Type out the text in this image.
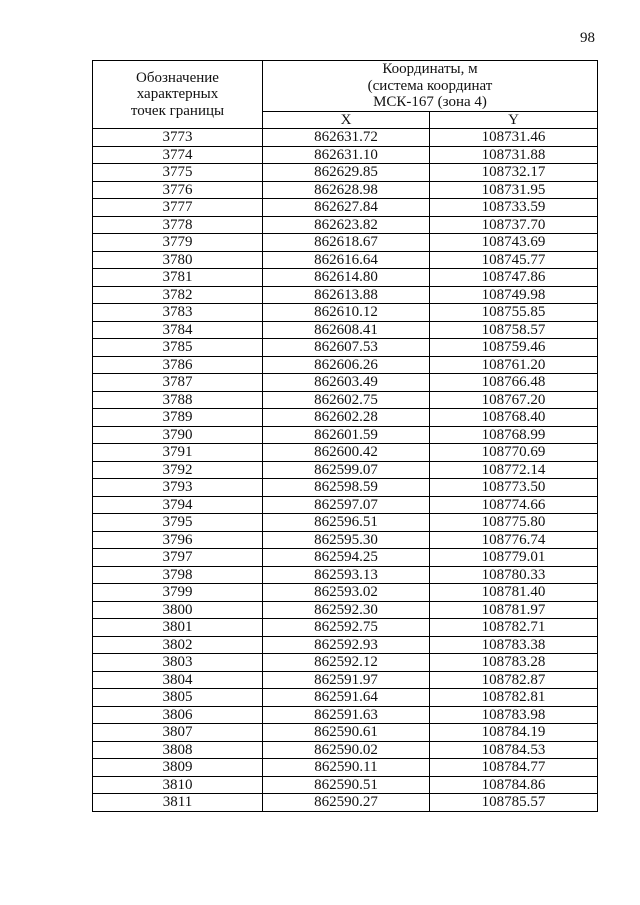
98
Обозначение
характерных
точек границы	Координаты, м
(система координат
МСК-167 (зона 4)	

	X	Y
3773	862631.72	108731.46
3774	862631.10	108731.88
3775	862629.85	108732.17
3776	862628.98	108731.95
3777	862627.84	108733.59
3778	862623.82	108737.70
3779	862618.67	108743.69
3780	862616.64	108745.77
3781	862614.80	108747.86
3782	862613.88	108749.98
3783	862610.12	108755.85
3784	862608.41	108758.57
3785	862607.53	108759.46
3786	862606.26	108761.20
3787	862603.49	108766.48
3788	862602.75	108767.20
3789	862602.28	108768.40
3790	862601.59	108768.99
3791	862600.42	108770.69
3792	862599.07	108772.14
3793	862598.59	108773.50
3794	862597.07	108774.66
3795	862596.51	108775.80
3796	862595.30	108776.74
3797	862594.25	108779.01
3798	862593.13	108780.33
3799	862593.02	108781.40
3800	862592.30	108781.97
3801	862592.75	108782.71
3802	862592.93	108783.38
3803	862592.12	108783.28
3804	862591.97	108782.87
3805	862591.64	108782.81
3806	862591.63	108783.98
3807	862590.61	108784.19
3808	862590.02	108784.53
3809	862590.11	108784.77
3810	862590.51	108784.86
3811	862590.27	108785.57
